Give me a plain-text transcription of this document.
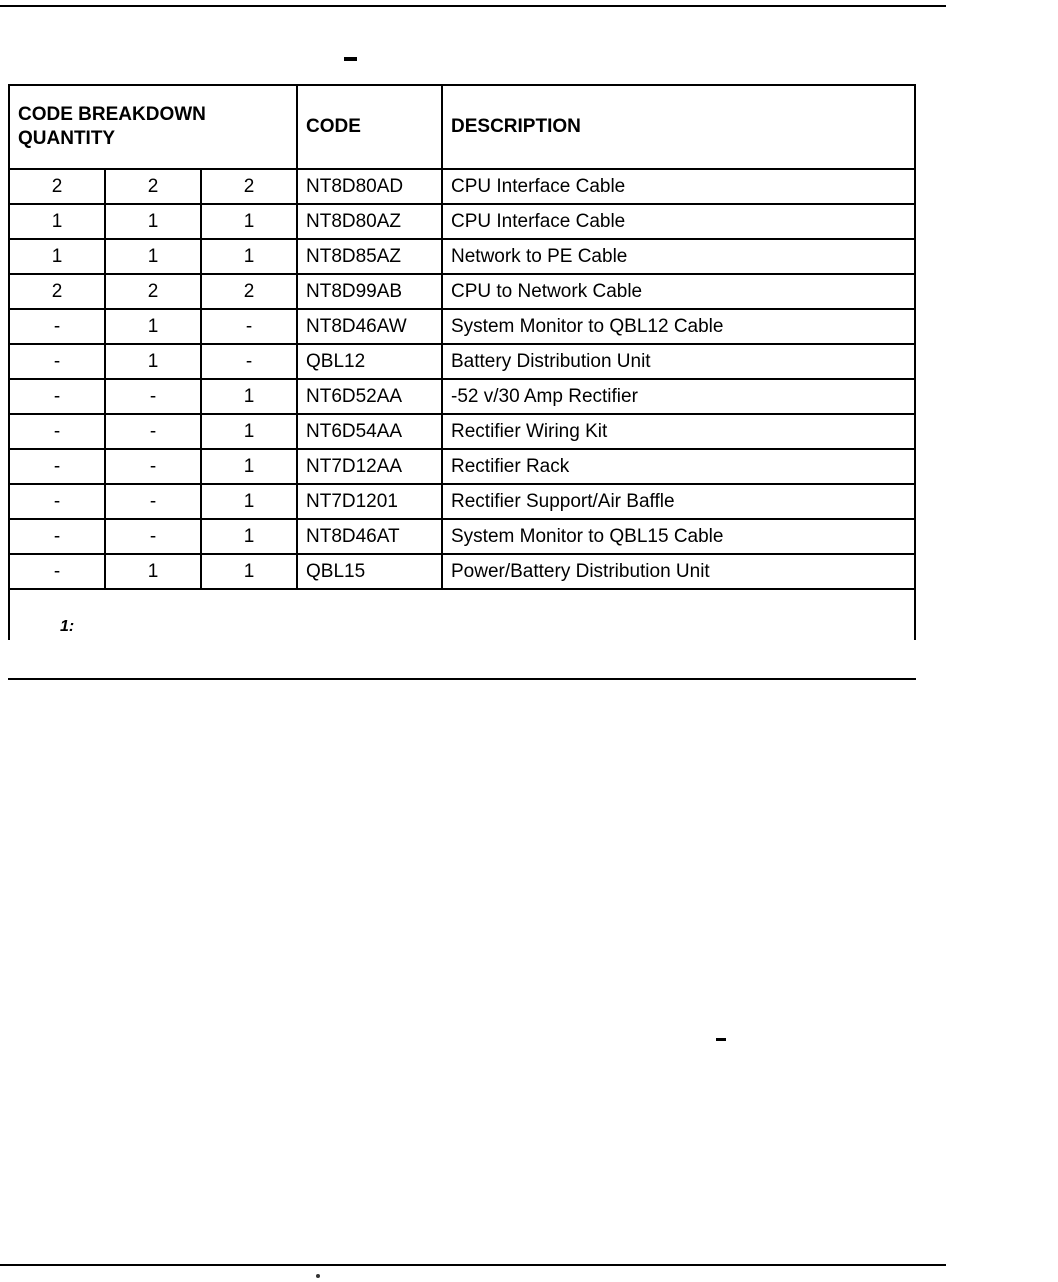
CODE BREAKDOWN QUANTITY			CODE	DESCRIPTION
2	2	2	NT8D80AD	CPU Interface Cable
1	1	1	NT8D80AZ	CPU Interface Cable
1	1	1	NT8D85AZ	Network to PE Cable
2	2	2	NT8D99AB	CPU to Network Cable
-	1	-	NT8D46AW	System Monitor to QBL12 Cable
-	1	-	QBL12	Battery Distribution Unit
-	-	1	NT6D52AA	-52 v/30 Amp Rectifier
-	-	1	NT6D54AA	Rectifier Wiring Kit
-	-	1	NT7D12AA	Rectifier Rack
-	-	1	NT7D1201	Rectifier Support/Air Baffle
-	-	1	NT8D46AT	System Monitor to QBL15 Cable
-	1	1	QBL15	Power/Battery Distribution Unit
1:				
